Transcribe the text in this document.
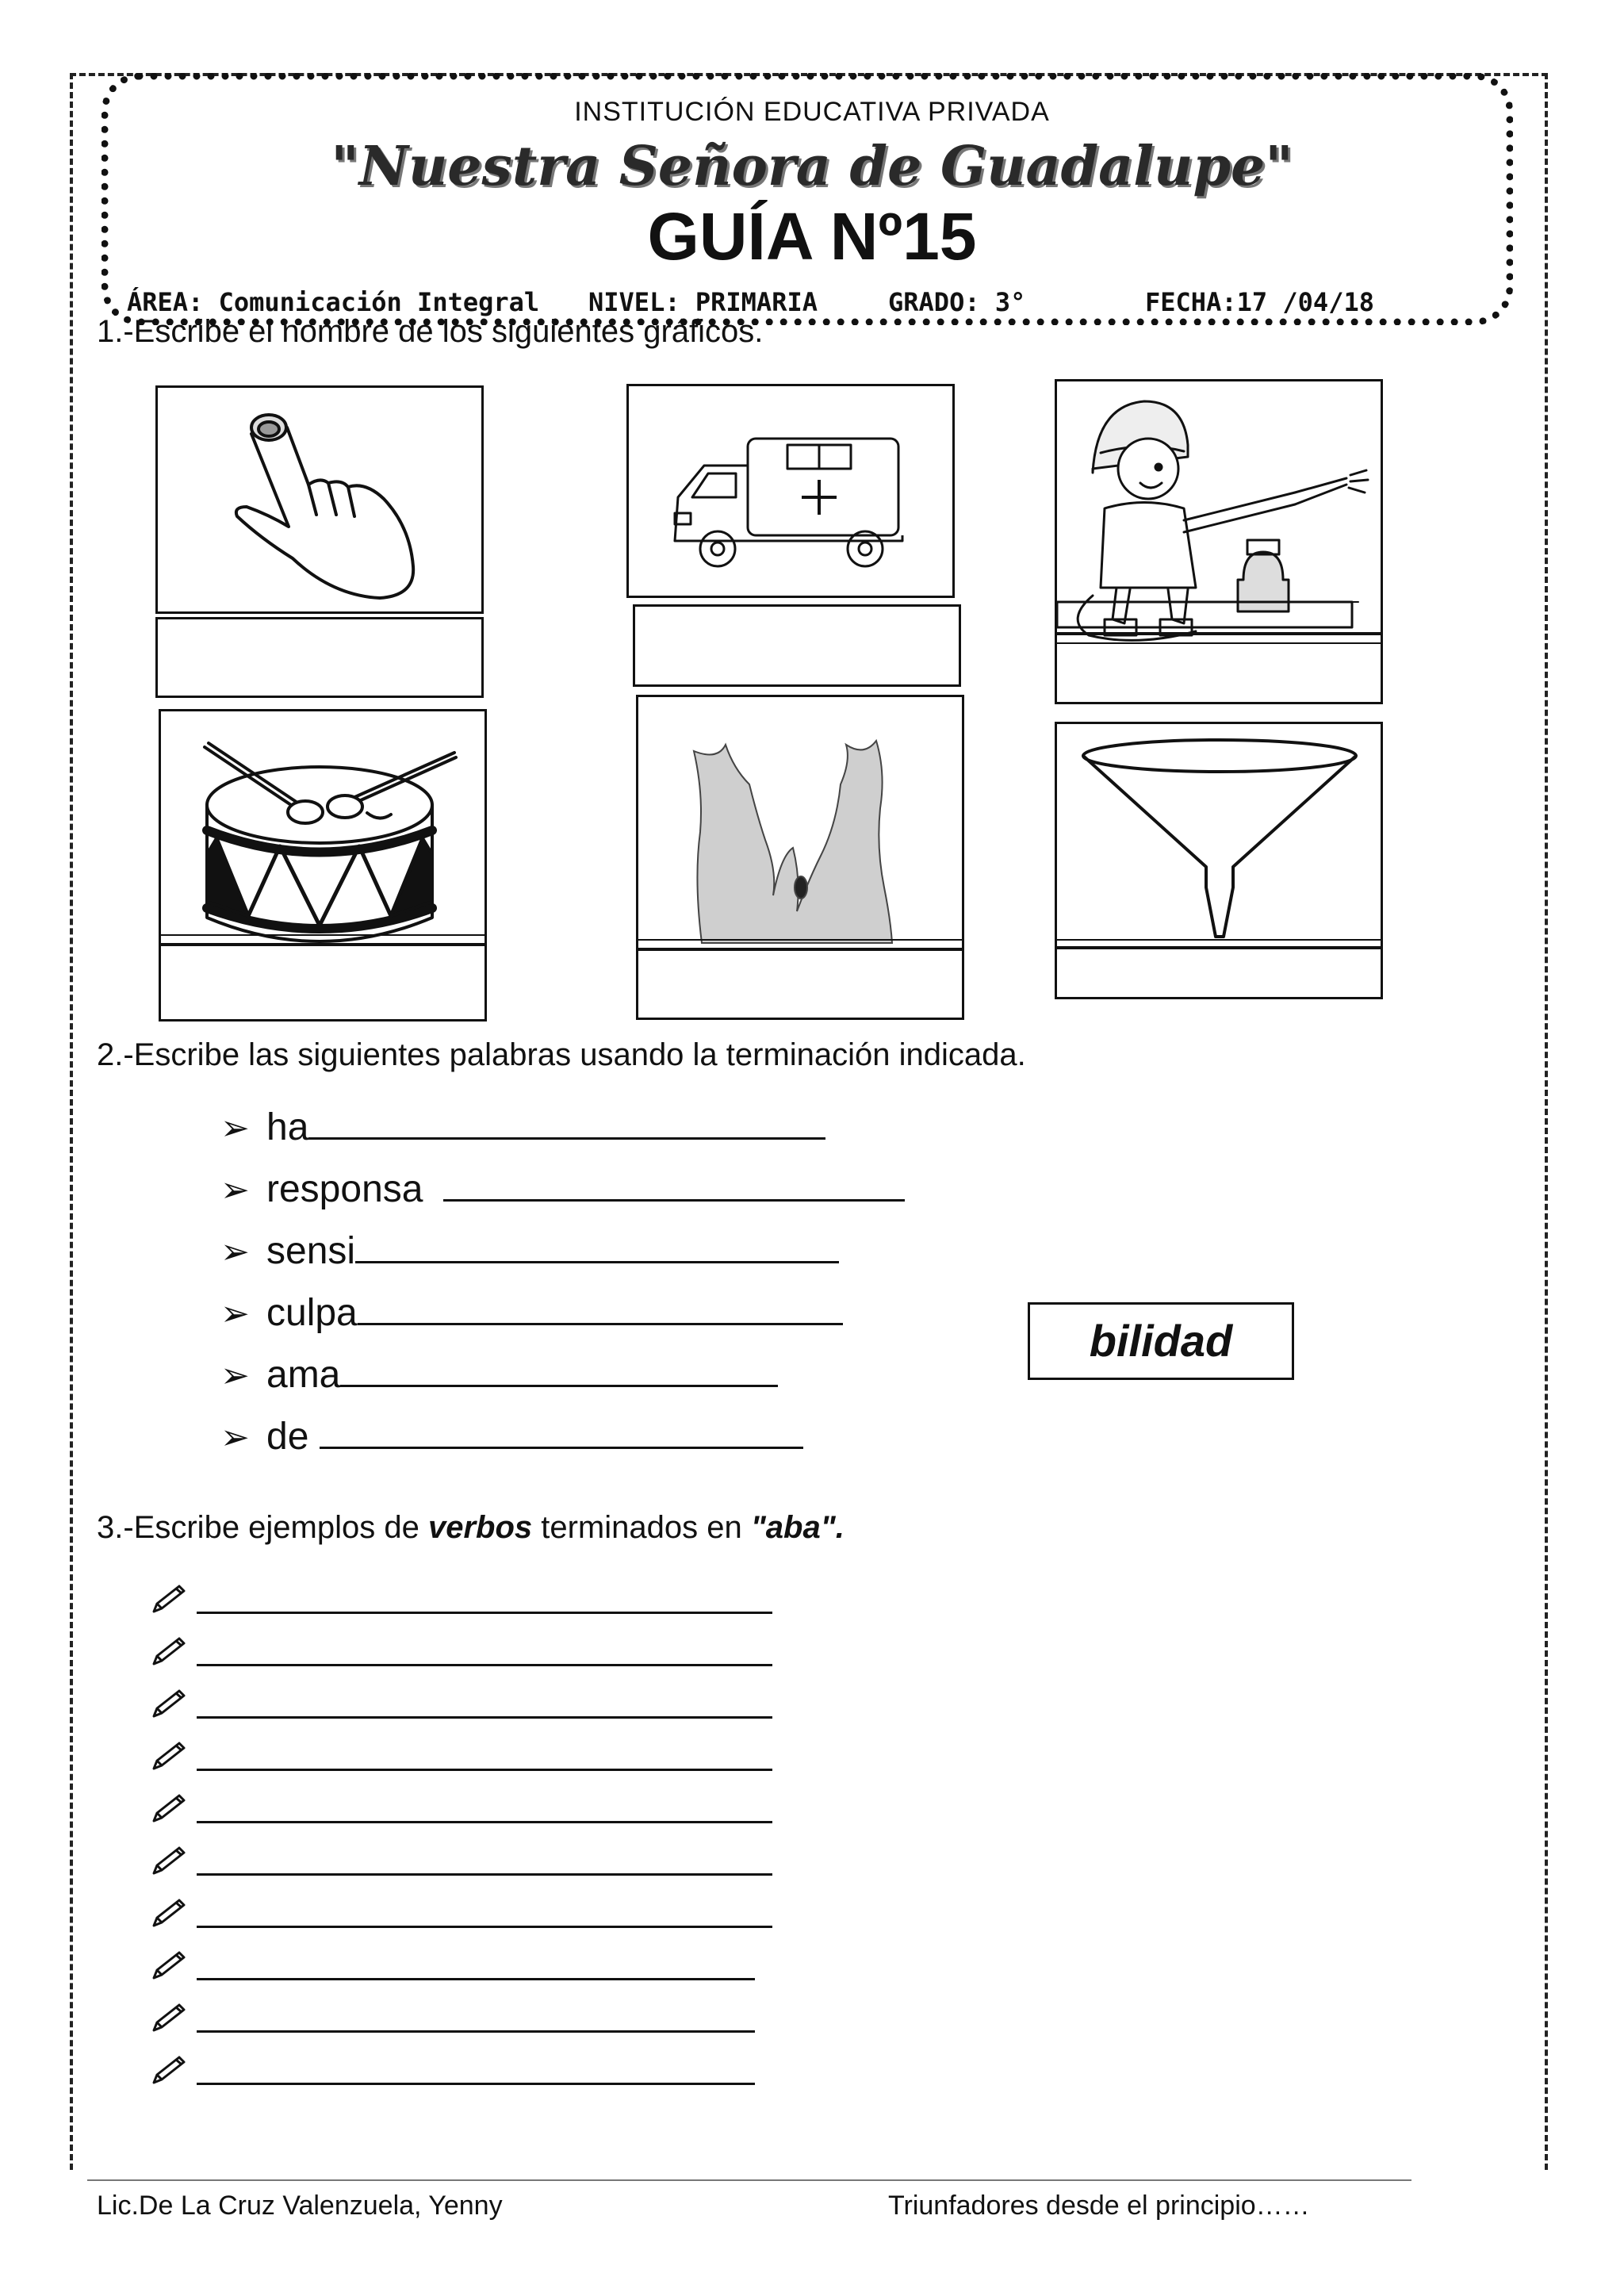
INSTITUCIÓN EDUCATIVA PRIVADA
"Nuestra Señora de Guadalupe"
GUÍA Nº15
ÁREA: Comunicación Integral NIVEL: PRIMARIA	GRADO: 3°	FECHA:17 /04/18
1.-Escribe el nombre de los siguientes gráficos.
2.-Escribe las siguientes palabras usando la terminación indicada.
➢ ha
➢ responsa
➢ sensi
➢ culpa
➢ ama
➢ de
bilidad
3.-Escribe ejemplos de verbos terminados en "aba".
Lic.De La Cruz Valenzuela, Yenny	Triunfadores desde el principio……
